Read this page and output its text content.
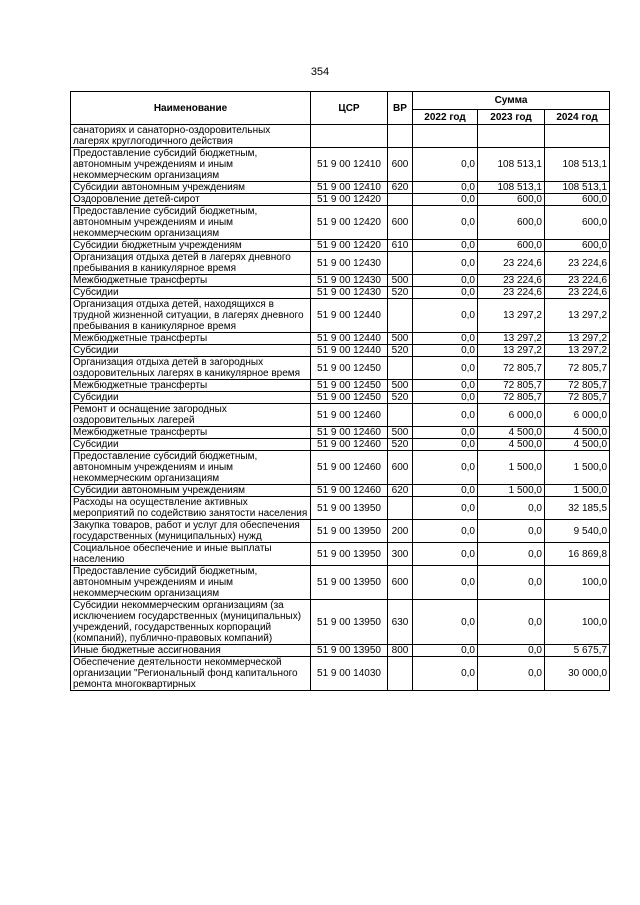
354
Наименование	ЦСР	ВР	Сумма		
			2022 год	2023 год	2024 год
санаториях и санаторно-оздоровительных лагерях круглогодичного действия					
Предоставление субсидий бюджетным, автономным учреждениям и иным некоммерческим организациям	51 9 00 12410	600	0,0	108 513,1	108 513,1
Субсидии автономным учреждениям	51 9 00 12410	620	0,0	108 513,1	108 513,1
Оздоровление детей-сирот	51 9 00 12420		0,0	600,0	600,0
Предоставление субсидий бюджетным, автономным учреждениям и иным некоммерческим организациям	51 9 00 12420	600	0,0	600,0	600,0
Субсидии бюджетным учреждениям	51 9 00 12420	610	0,0	600,0	600,0
Организация отдыха детей в лагерях дневного пребывания в каникулярное время	51 9 00 12430		0,0	23 224,6	23 224,6
Межбюджетные трансферты	51 9 00 12430	500	0,0	23 224,6	23 224,6
Субсидии	51 9 00 12430	520	0,0	23 224,6	23 224,6
Организация отдыха детей, находящихся в трудной жизненной ситуации, в лагерях дневного пребывания в каникулярное время	51 9 00 12440		0,0	13 297,2	13 297,2
Межбюджетные трансферты	51 9 00 12440	500	0,0	13 297,2	13 297,2
Субсидии	51 9 00 12440	520	0,0	13 297,2	13 297,2
Организация отдыха детей в загородных оздоровительных лагерях в каникулярное время	51 9 00 12450		0,0	72 805,7	72 805,7
Межбюджетные трансферты	51 9 00 12450	500	0,0	72 805,7	72 805,7
Субсидии	51 9 00 12450	520	0,0	72 805,7	72 805,7
Ремонт и оснащение загородных оздоровительных лагерей	51 9 00 12460		0,0	6 000,0	6 000,0
Межбюджетные трансферты	51 9 00 12460	500	0,0	4 500,0	4 500,0
Субсидии	51 9 00 12460	520	0,0	4 500,0	4 500,0
Предоставление субсидий бюджетным, автономным учреждениям и иным некоммерческим организациям	51 9 00 12460	600	0,0	1 500,0	1 500,0
Субсидии автономным учреждениям	51 9 00 12460	620	0,0	1 500,0	1 500,0
Расходы на осуществление активных мероприятий по содействию занятости населения	51 9 00 13950		0,0	0,0	32 185,5
Закупка товаров, работ и услуг для обеспечения государственных (муниципальных) нужд	51 9 00 13950	200	0,0	0,0	9 540,0
Социальное обеспечение и иные выплаты населению	51 9 00 13950	300	0,0	0,0	16 869,8
Предоставление субсидий бюджетным, автономным учреждениям и иным некоммерческим организациям	51 9 00 13950	600	0,0	0,0	100,0
Субсидии некоммерческим организациям (за исключением государственных (муниципальных) учреждений, государственных корпораций (компаний), публично-правовых компаний)	51 9 00 13950	630	0,0	0,0	100,0
Иные бюджетные ассигнования	51 9 00 13950	800	0,0	0,0	5 675,7
Обеспечение деятельности некоммерческой организации "Региональный фонд капитального ремонта многоквартирных	51 9 00 14030		0,0	0,0	30 000,0
